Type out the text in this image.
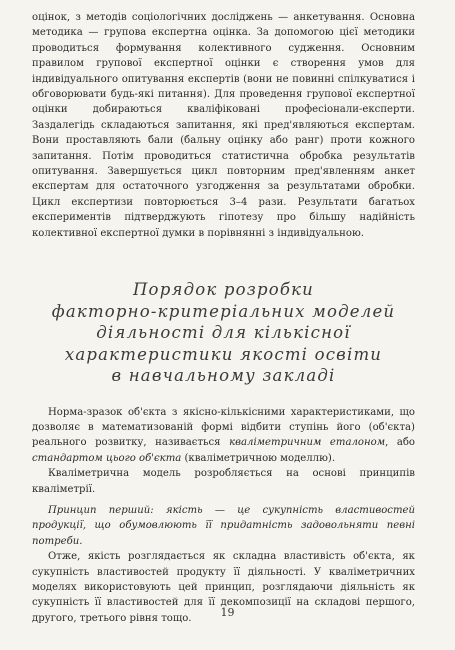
оцінок, з методів соціологічних досліджень — анкетування. Основна методика — групова експертна оцінка. За допомогою цієї методики проводиться формування колективного судження. Основним правилом групової експертної оцінки є створення умов для індивідуального опитування експертів (вони не повинні спілкуватися і обговорювати будь-які питання). Для проведення групової експертної оцінки добираються кваліфіковані професіонали-експерти. Заздалегідь складаються запитання, які пред'являються експертам. Вони проставляють бали (бальну оцінку або ранг) проти кожного запитання. Потім проводиться статистична обробка результатів опитування. Завершується цикл повторним пред'явленням анкет експертам для остаточного узгодження за результатами обробки. Цикл експертизи повторюється 3–4 рази. Результати багатьох експериментів підтверджують гіпотезу про більшу надійність колективної експертної думки в порівнянні з індивідуальною.

Порядок розробки
факторно-критеріальних моделей
діяльності для кількісної
характеристики якості освіти
в навчальному закладі

Норма-зразок об'єкта з якісно-кількісними характеристиками, що дозволяє в математизованій формі відбити ступінь його (об'єкта) реального розвитку, називається кваліметричним еталоном, або стандартом цього об'єкта (кваліметричною моделлю).

Кваліметрична модель розробляється на основі принципів кваліметрії.

Принцип перший: якість — це сукупність властивостей продукції, що обумовлюють її придатність задовольняти певні потреби.

Отже, якість розглядається як складна властивість об'єкта, як сукупність властивостей продукту її діяльності. У кваліметричних моделях використовують цей принцип, розглядаючи діяльність як сукупність її властивостей для її декомпозиції на складові першого, другого, третього рівня тощо.	19
